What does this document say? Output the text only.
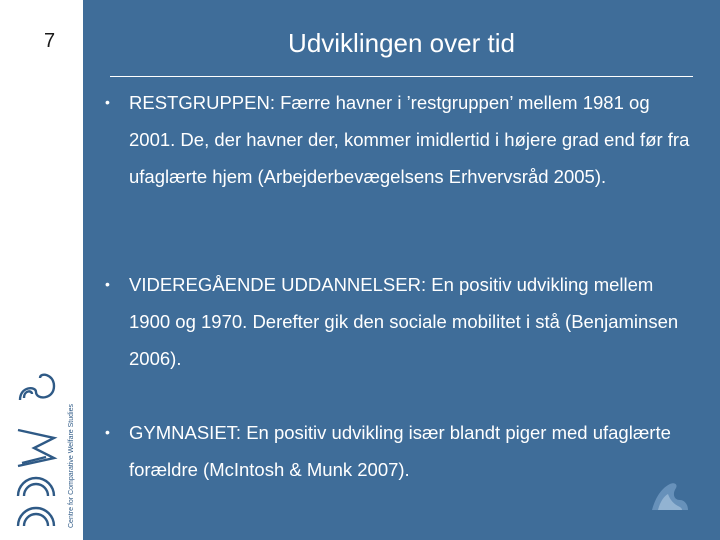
7
Centre for Comparative Welfare Studies
Udviklingen over tid
• RESTGRUPPEN: Færre havner i ’restgruppen’ mellem 1981 og 2001. De, der havner der, kommer imidlertid i højere grad end før fra ufaglærte hjem (Arbejderbevægelsens Erhvervsråd 2005).
• VIDEREGÅENDE UDDANNELSER: En positiv udvikling mellem 1900 og 1970. Derefter gik den sociale mobilitet i stå (Benjaminsen 2006).
• GYMNASIET: En positiv udvikling især blandt piger med ufaglærte forældre (McIntosh & Munk 2007).
